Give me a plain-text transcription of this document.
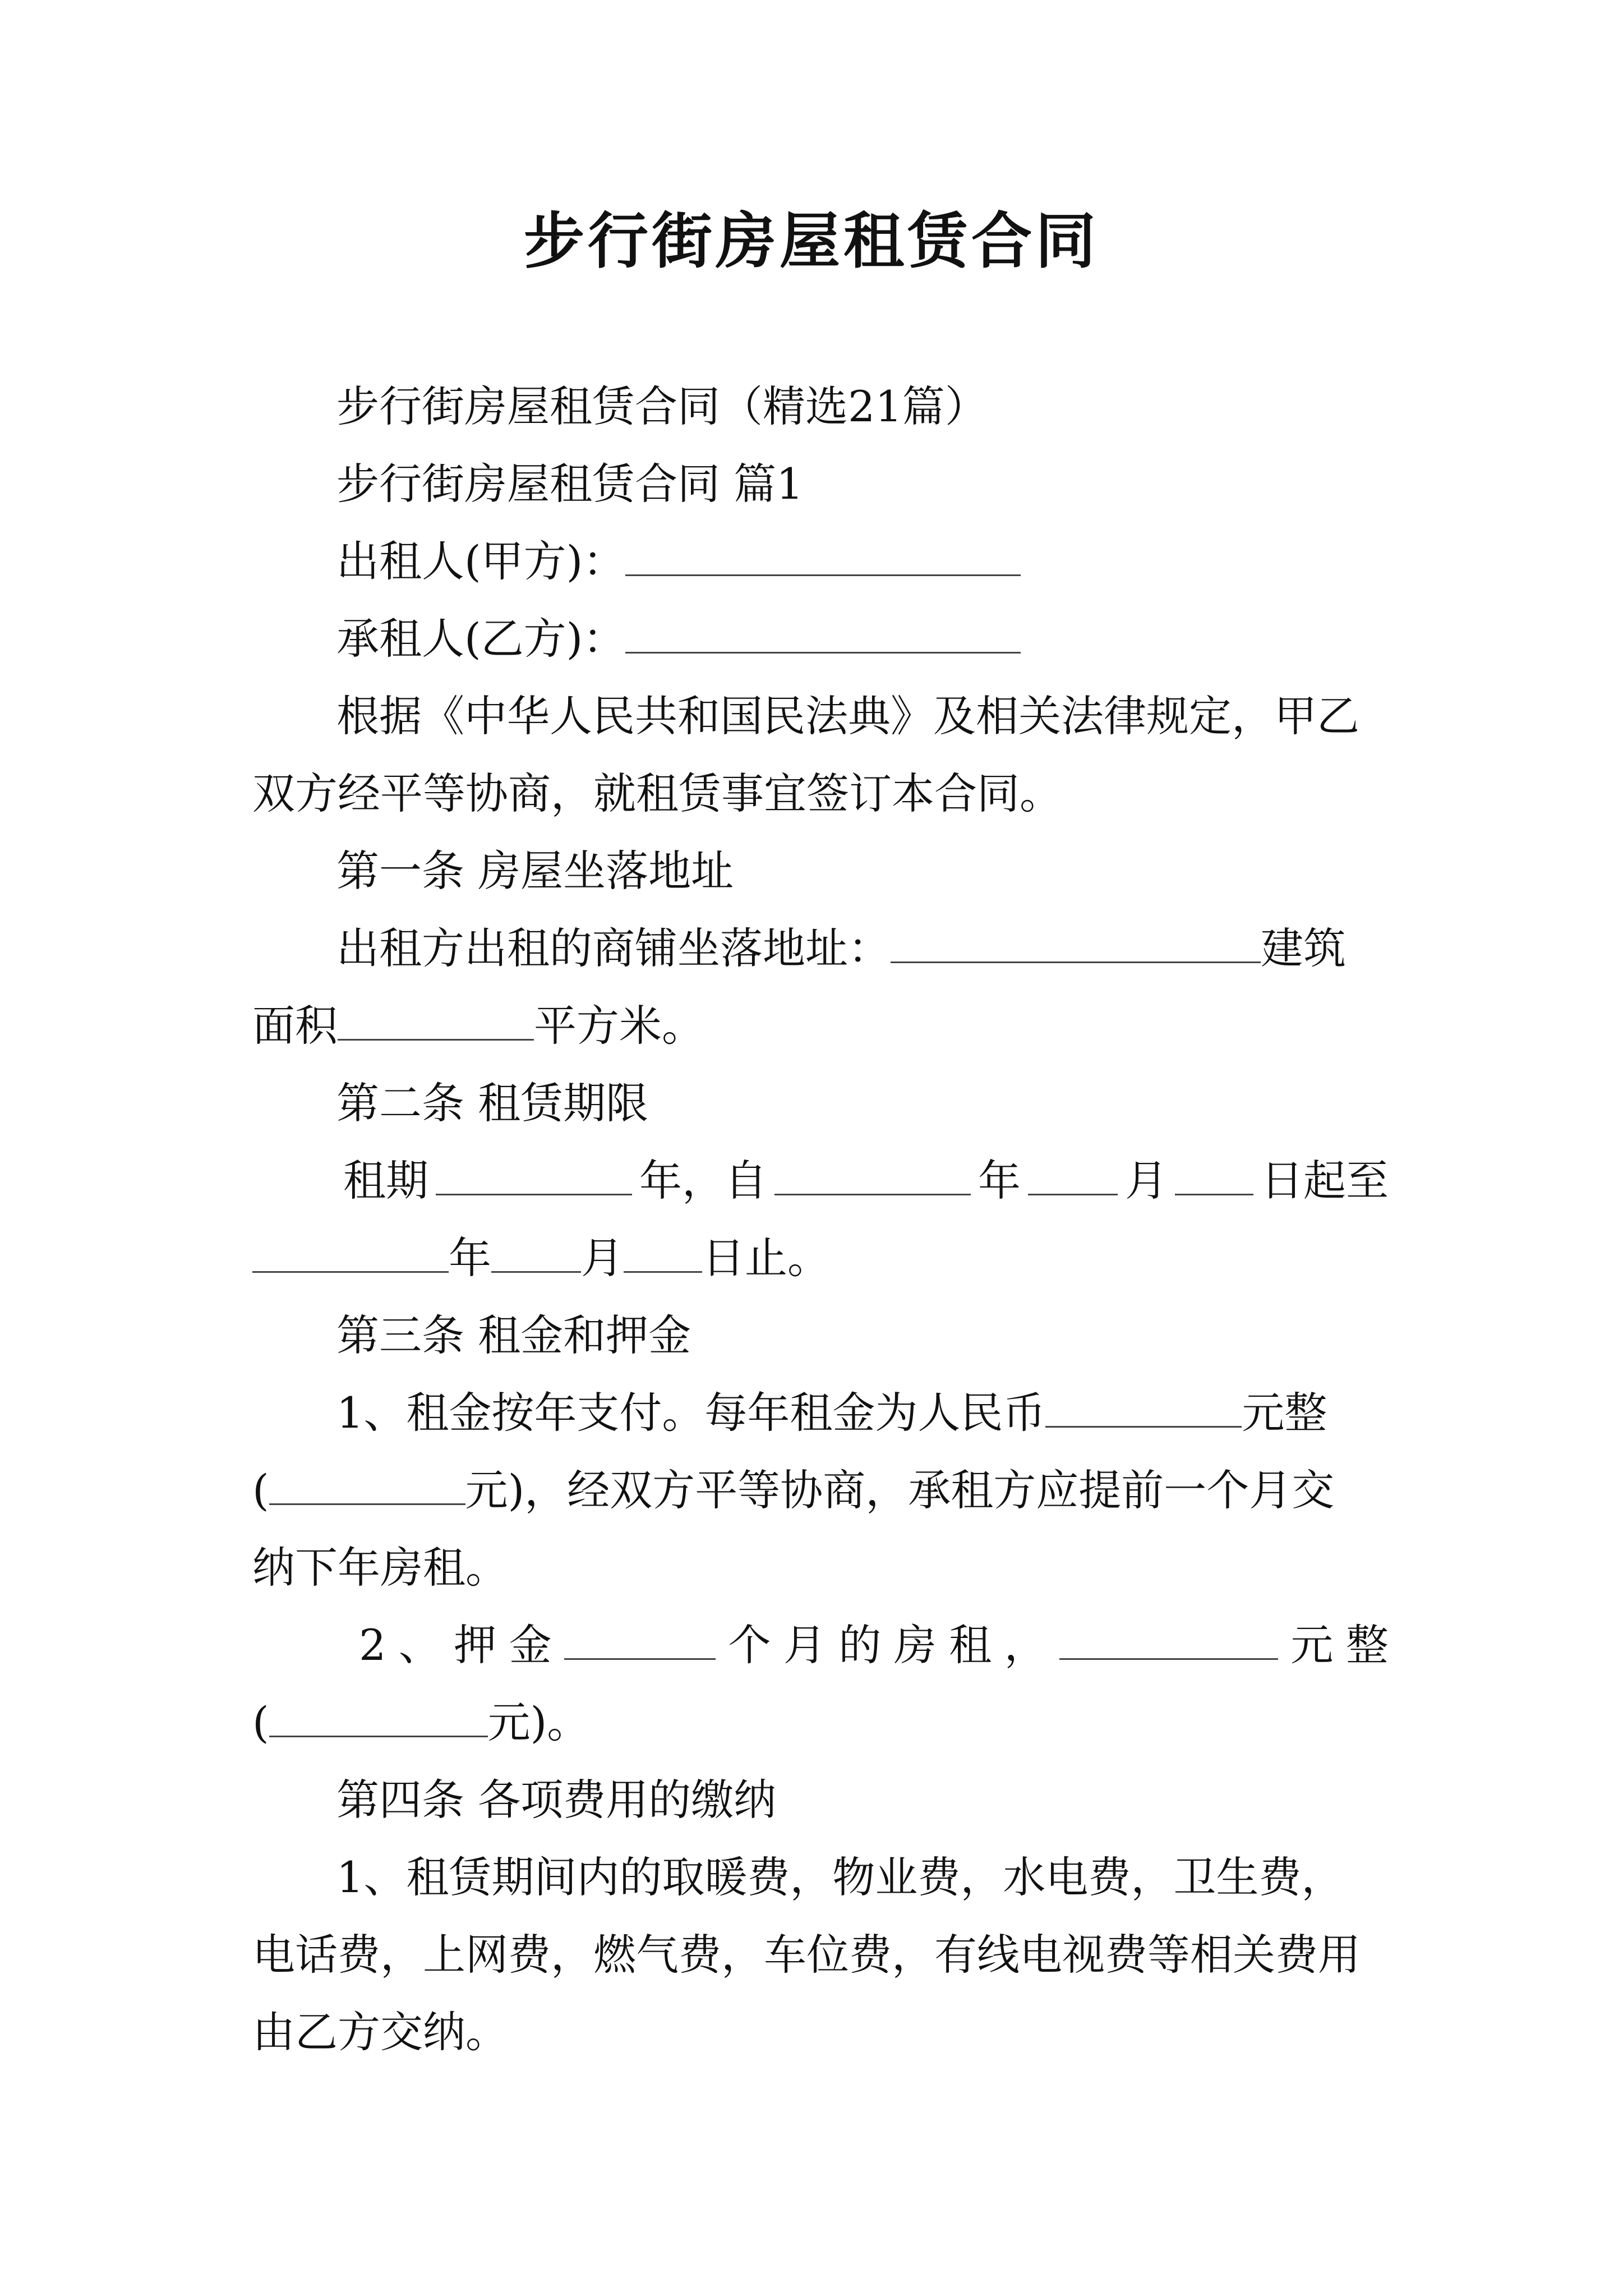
步行街房屋租赁合同
步行街房屋租赁合同（精选21篇）
步行街房屋租赁合同 篇1
出租人(甲方)：
承租人(乙方)：
根据《中华人民共和国民法典》及相关法律规定，甲乙
双方经平等协商，就租赁事宜签订本合同。
第一条 房屋坐落地址
出租方出租的商铺坐落地址：	建筑
面积	平方米。
第二条 租赁期限
租期	年，自	年 月 日起至
年 月 日止。
第三条 租金和押金
1、租金按年支付。每年租金为人民币	元整
(	元)，经双方平等协商，承租方应提前一个月交
纳下年房租。
2 、 押 金	个 月 的 房 租 ，	元 整
(	元)。
第四条 各项费用的缴纳
1、租赁期间内的取暖费，物业费，水电费，卫生费，
电话费，上网费，燃气费，车位费，有线电视费等相关费用
由乙方交纳。
